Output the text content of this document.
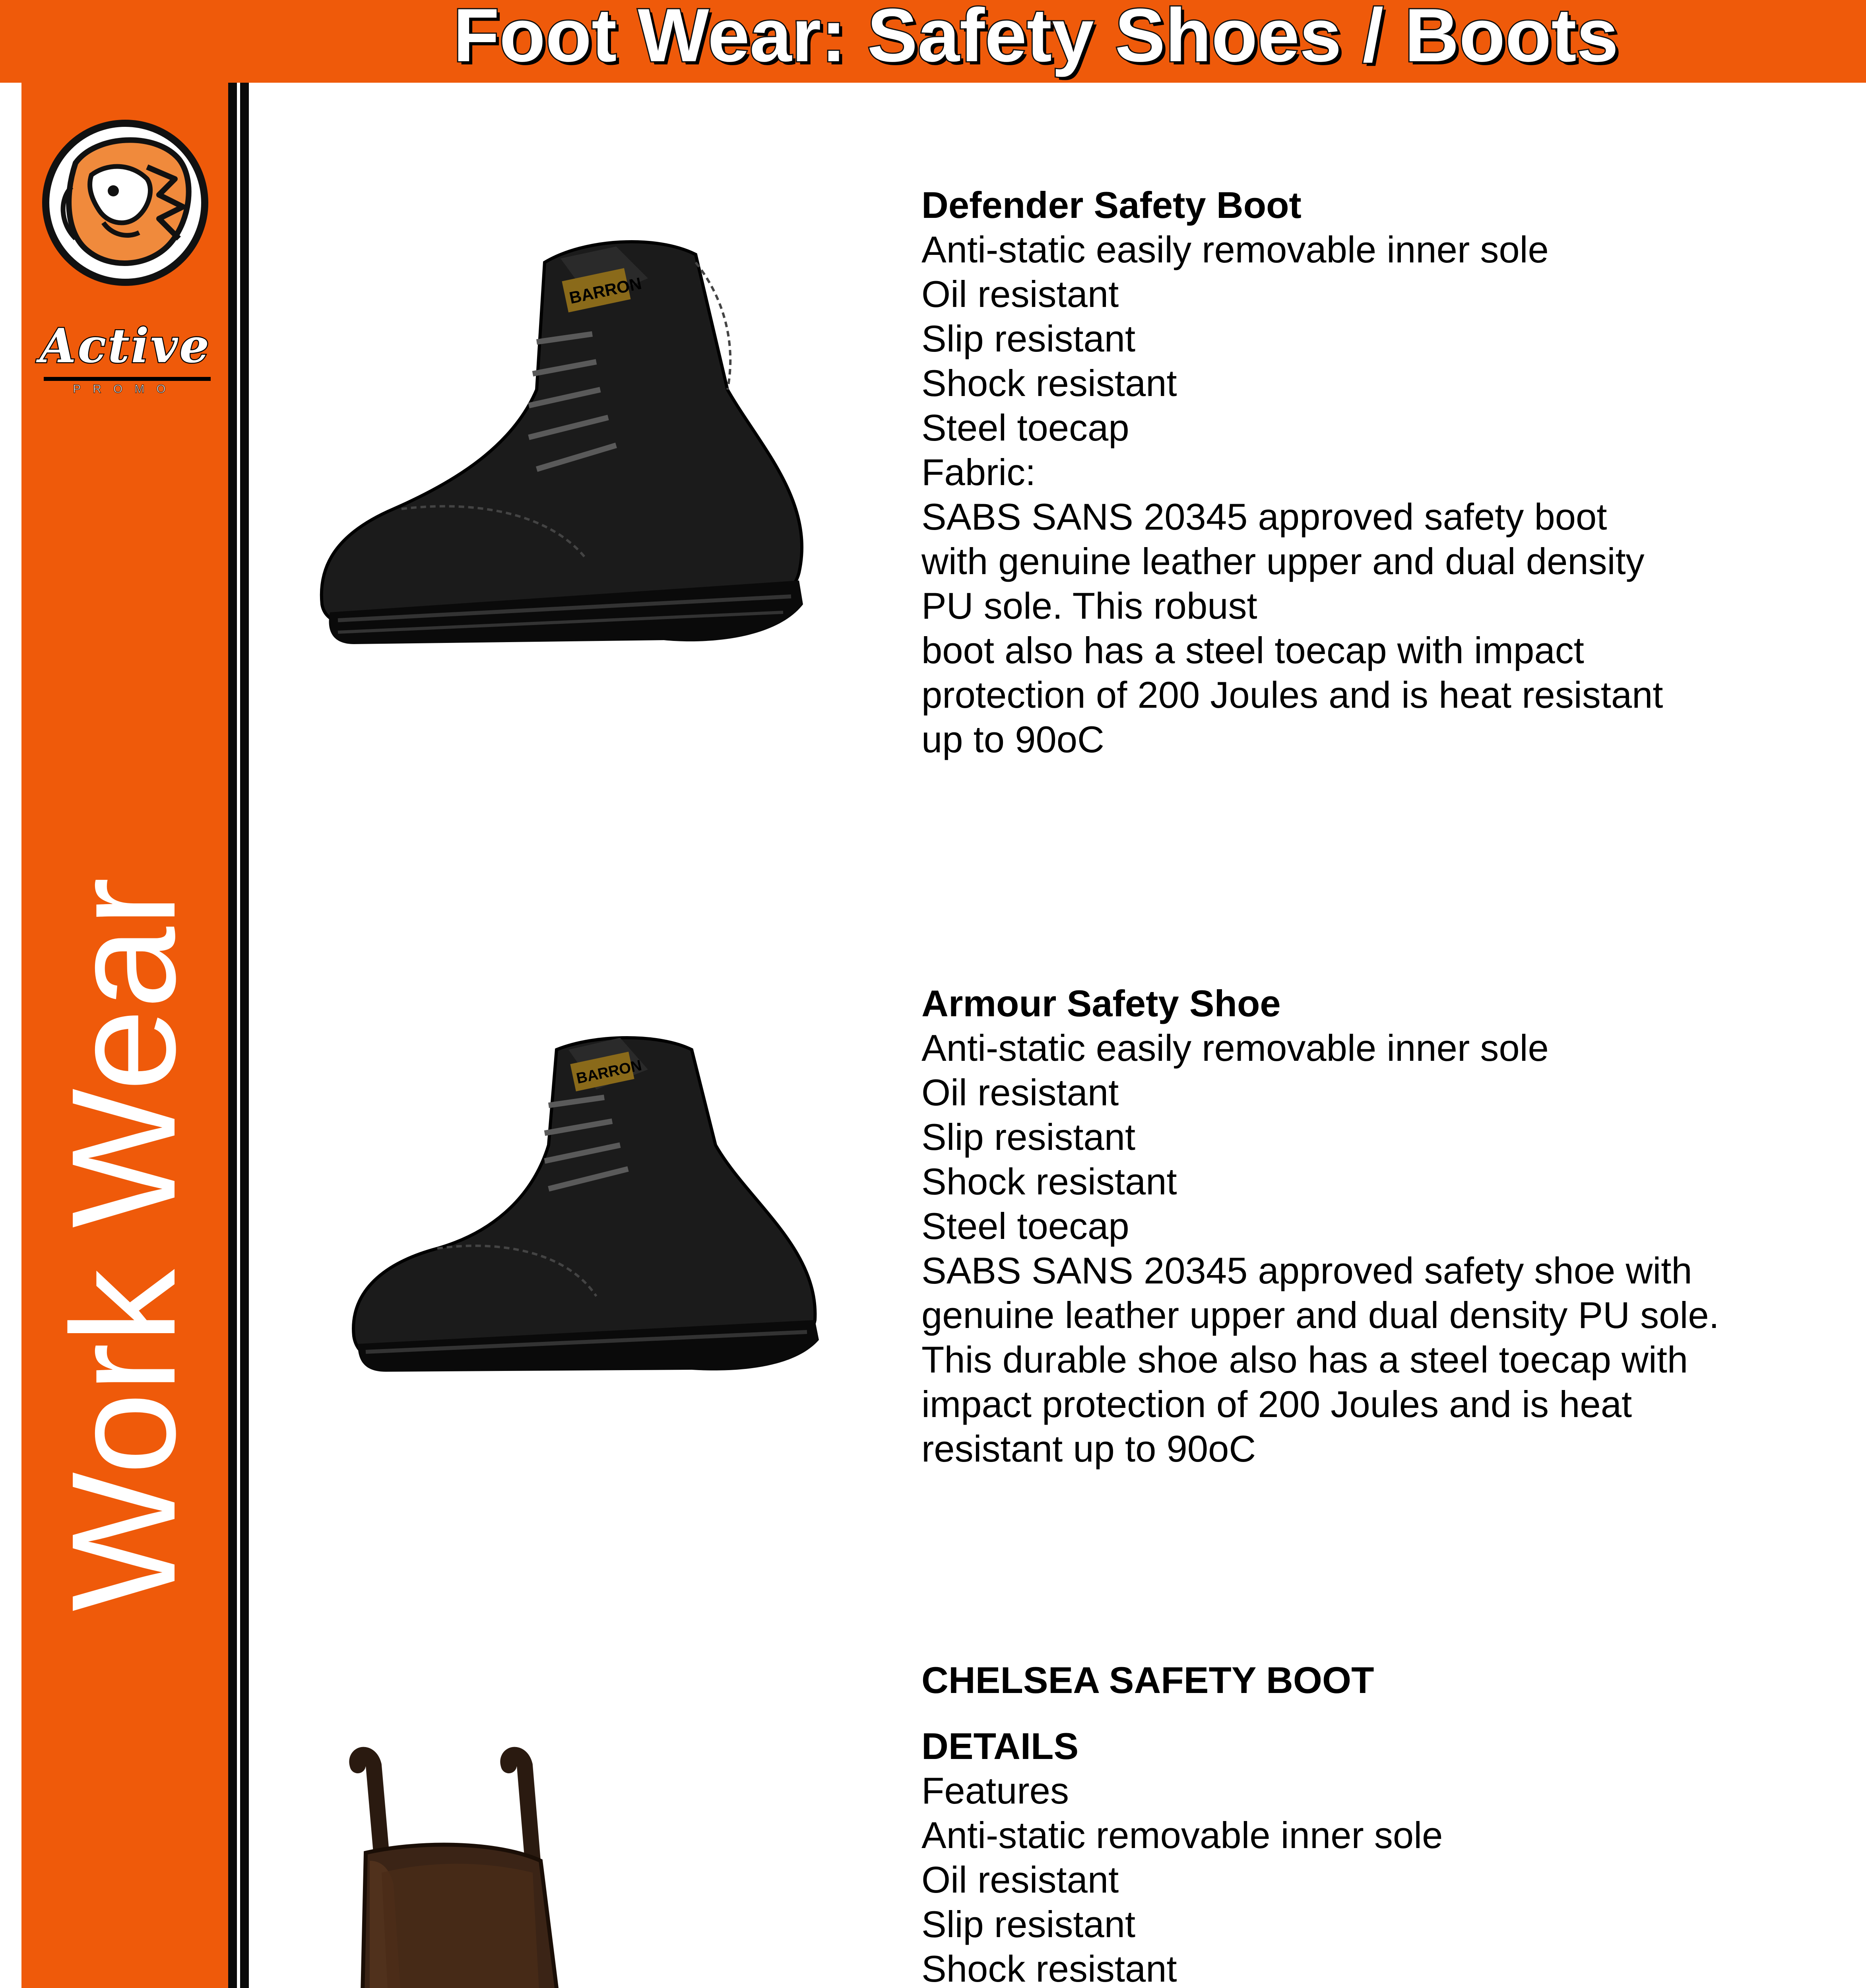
Foot Wear: Safety Shoes / Boots
Active
PROMO
Work Wear
BARRON
Defender Safety Boot
Anti-static easily removable inner sole
Oil resistant
Slip resistant
Shock resistant
Steel toecap
Fabric:
SABS SANS 20345 approved safety boot
with genuine leather upper and dual density
PU sole. This robust
boot also has a steel toecap with impact
protection of 200 Joules and is heat resistant
up to 90oC
BARRON
Armour Safety Shoe
Anti-static easily removable inner sole
Oil resistant
Slip resistant
Shock resistant
Steel toecap
SABS SANS 20345 approved safety shoe with
genuine leather upper and dual density PU sole.
This durable shoe also has a steel toecap with
impact protection of 200 Joules and is heat
resistant up to 90oC
CHELSEA SAFETY BOOT
DETAILS
Features
Anti-static removable inner sole
Oil resistant
Slip resistant
Shock resistant
